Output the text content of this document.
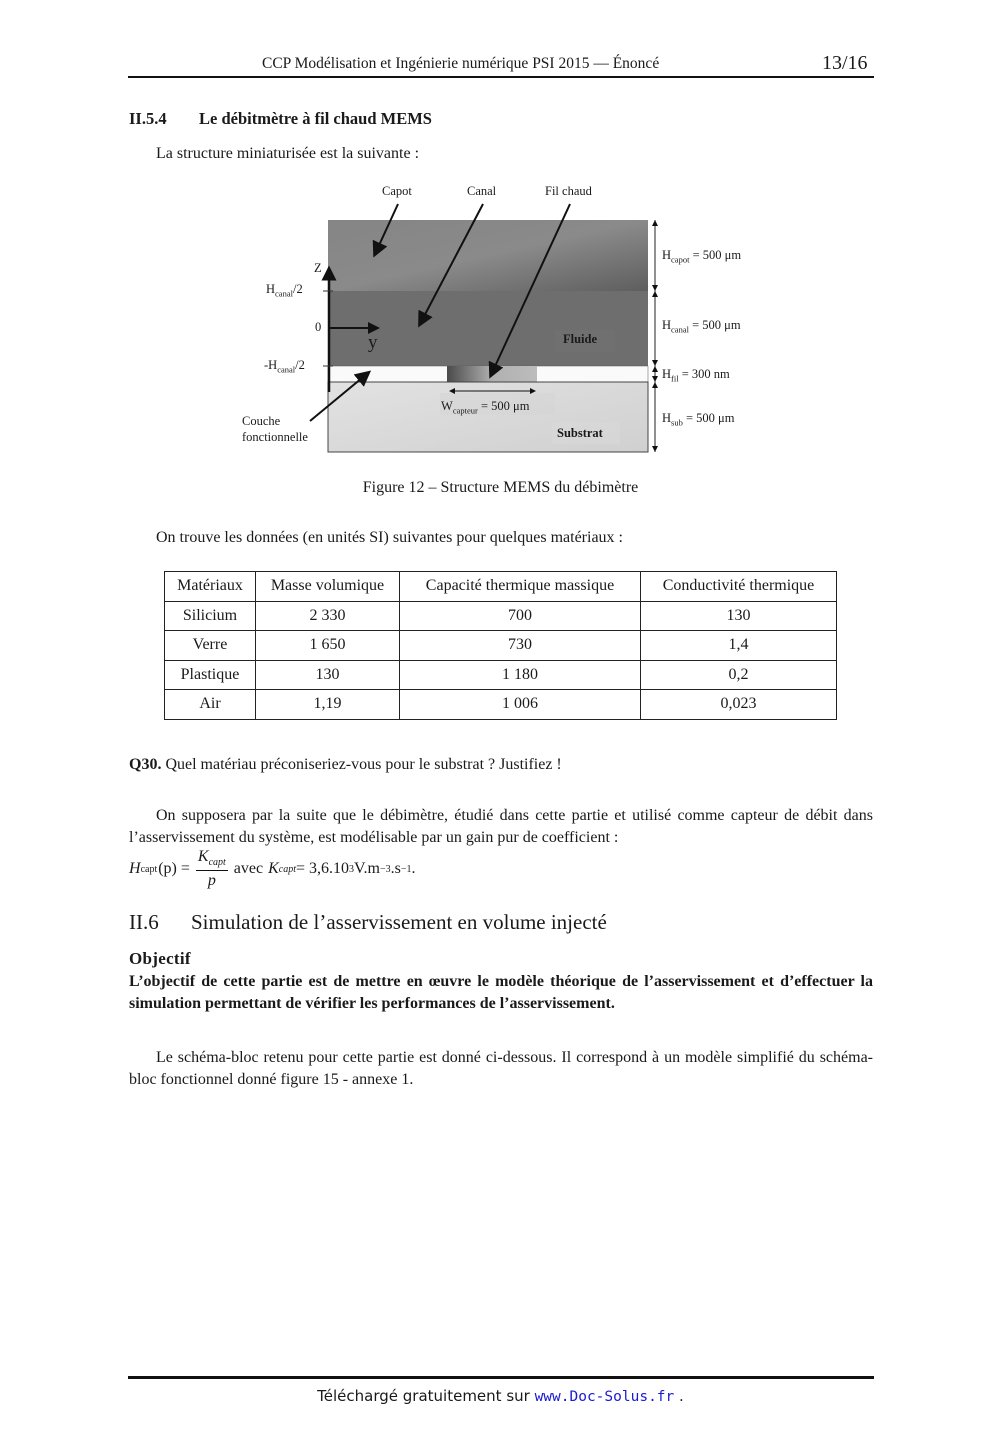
CCP Modélisation et Ingénierie numérique PSI 2015 — Énoncé	13/16
II.5.4 Le débitmètre à fil chaud MEMS
La structure miniaturisée est la suivante :
Capot	Canal	Fil chaud
Z
y
$H_{canal}/2$
0
$-H_{canal}/2$
Couche
fonctionnelle
Fluide
Substrat
$W_{capteur} = 500$ μm
$H_{capot} = 500$ μm
$H_{canal} = 500$ μm
$H_{fil} = 300$ nm
$H_{sub} = 500$ μm
Figure 12 – Structure MEMS du débimètre
On trouve les données (en unités SI) suivantes pour quelques matériaux :
Matériaux	Masse volumique	Capacité thermique massique	Conductivité thermique
Silicium	2 330	700	130
Verre	1 650	730	1,4
Plastique	130	1 180	0,2
Air	1,19	1 006	0,023
Q30. Quel matériau préconiseriez-vous pour le substrat ? Justifiez !
On supposera par la suite que le débimètre, étudié dans cette partie et utilisé comme capteur de débit dans l’asservissement du système, est modélisable par un gain pur de coefficient :
H capt $(p) = \frac{K_{capt}}{p}$ avec K capt = 3,6.10 3 V.m −3 .s −1 .
II.6 Simulation de l’asservissement en volume injecté
Objectif
L’objectif de cette partie est de mettre en œuvre le modèle théorique de l’asservissement et d’effectuer la simulation permettant de vérifier les performances de l’asservissement.
Le schéma-bloc retenu pour cette partie est donné ci-dessous. Il correspond à un modèle simplifié du schéma-bloc fonctionnel donné figure 15 - annexe 1.
Téléchargé gratuitement sur www.Doc-Solus.fr .
